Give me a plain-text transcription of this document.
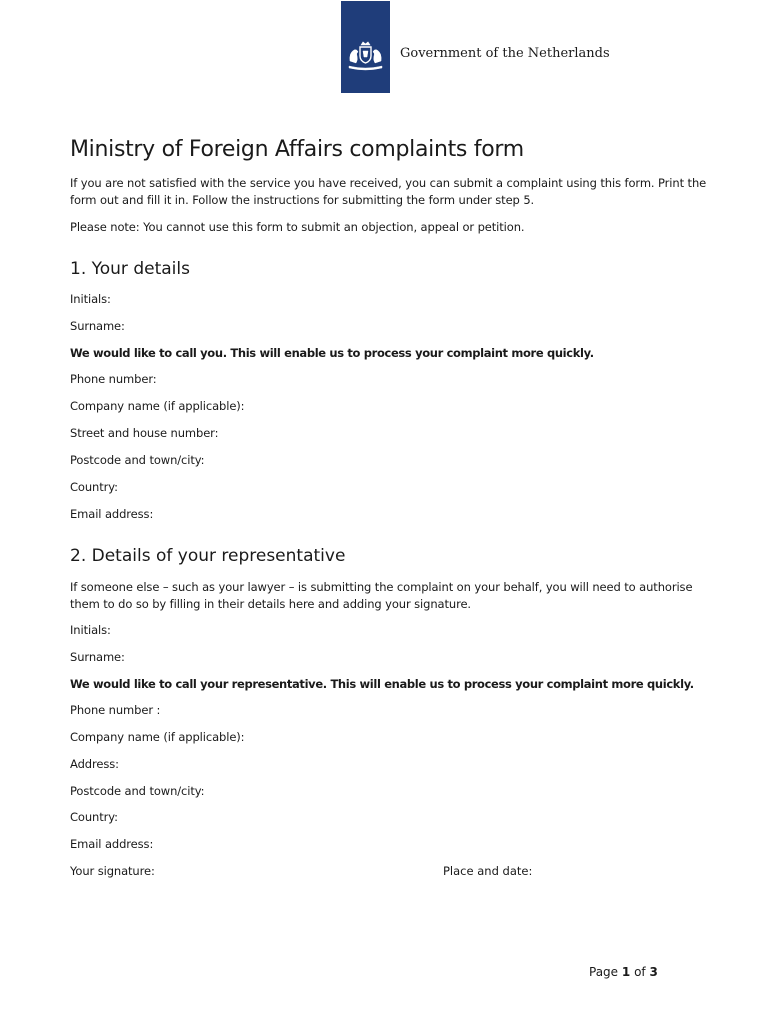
Government of the Netherlands
Ministry of Foreign Affairs complaints form

If you are not satisfied with the service you have received, you can submit a complaint using this form. Print the form out and fill it in. Follow the instructions for submitting the form under step 5.

Please note: You cannot use this form to submit an objection, appeal or petition.

1. Your details
Initials:
Surname:
We would like to call you. This will enable us to process your complaint more quickly.
Phone number:
Company name (if applicable):
Street and house number:
Postcode and town/city:
Country:
Email address:
2. Details of your representative

If someone else – such as your lawyer – is submitting the complaint on your behalf, you will need to authorise them to do so by filling in their details here and adding your signature.

Initials:
Surname:
We would like to call your representative. This will enable us to process your complaint more quickly.
Phone number :
Company name (if applicable):
Address:
Postcode and town/city:
Country:
Email address:
Your signature:	Place and date:
Page 1 of 3
